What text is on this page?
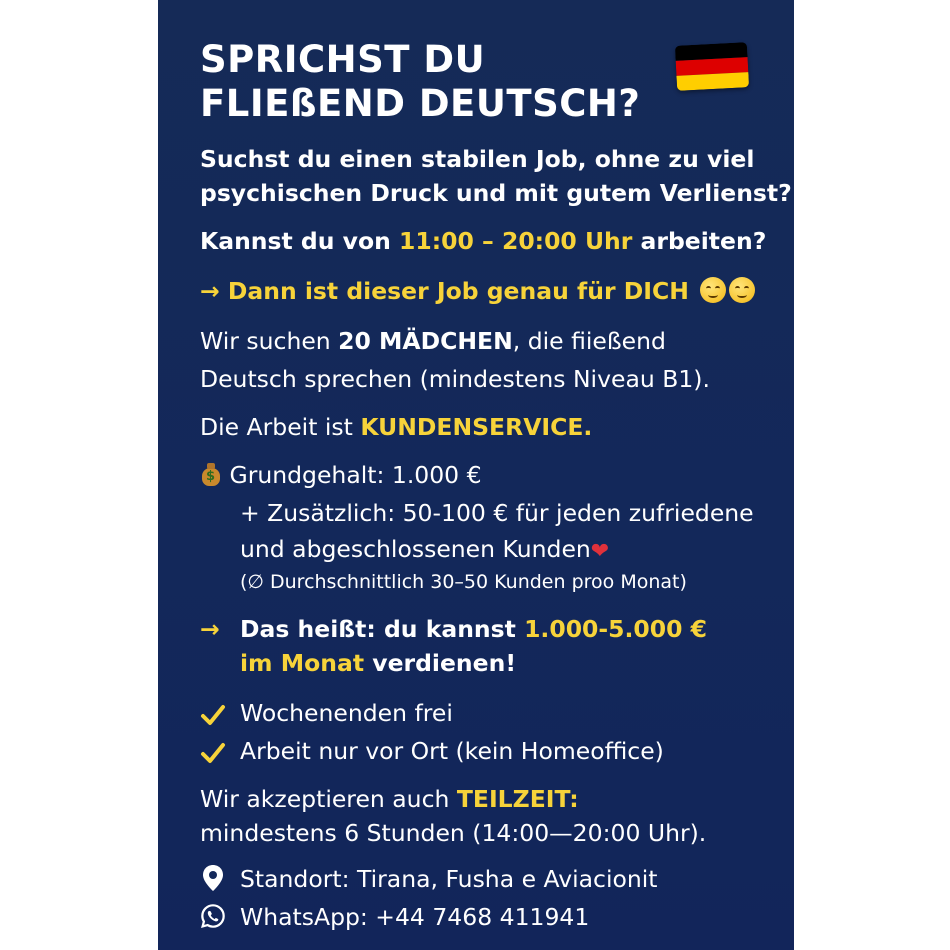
SPRICHST DU
FLIEßEND DEUTSCH?
Suchst du einen stabilen Job, ohne zu viel
psychischen Druck und mit gutem Verlienst?
Kannst du von 11:00 – 20:00 Uhr arbeiten?
→ Dann ist dieser Job genau für DICH
Wir suchen 20 MÄDCHEN, die fiießend
Deutsch sprechen (mindestens Niveau B1).
Die Arbeit ist KUNDENSERVICE.
$ Grundgehalt: 1.000 €
+ Zusätzlich: 50-100 € für jeden zufriedene
und abgeschlossenen Kunden❤
(∅ Durchschnittlich 30–50 Kunden proo Monat)
→ Das heißt: du kannst 1.000-5.000 €
im Monat verdienen!
Wochenenden frei
Arbeit nur vor Ort (kein Homeoffice)
Wir akzeptieren auch TEILZEIT:
mindestens 6 Stunden (14:00—20:00 Uhr).
Standort: Tirana, Fusha e Aviacionit
WhatsApp: +44 7468 411941
